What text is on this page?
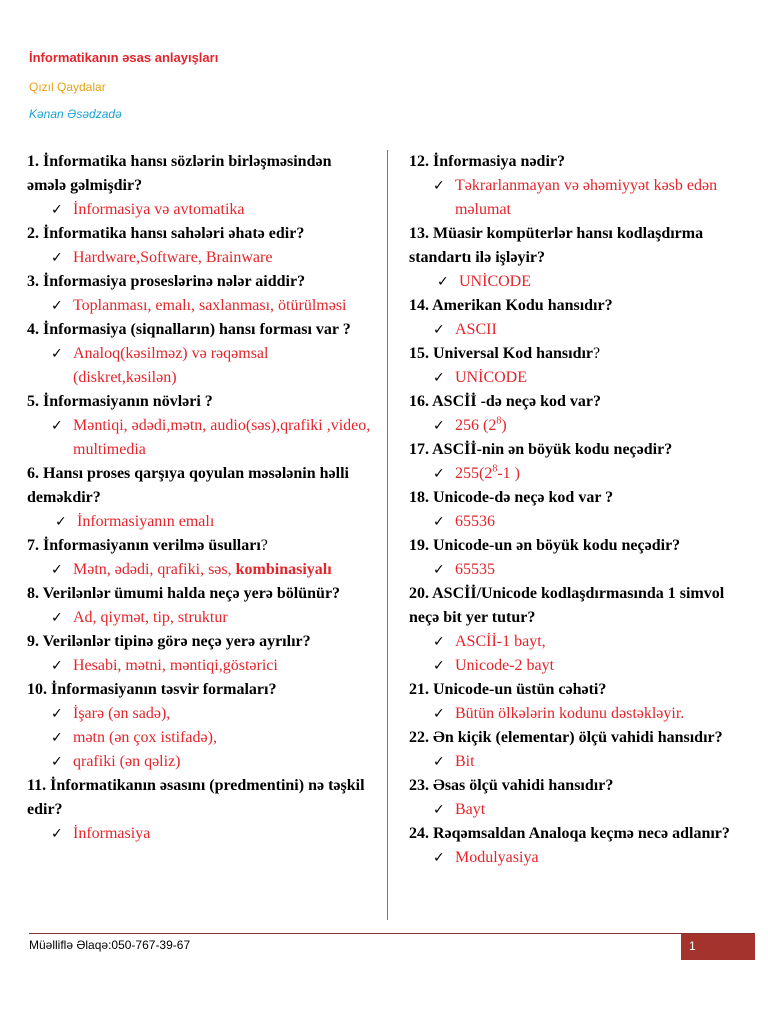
İnformatikanın əsas anlayışları
Qızıl Qaydalar
Kənan Əsədzadə
1. İnformatika hansı sözlərin birləşməsindən əmələ gəlmişdir?
✓ İnformasiya və avtomatika
2. İnformatika hansı sahələri əhatə edir?
✓ Hardware,Software, Brainware
3. İnformasiya proseslərinə nələr aiddir?
✓ Toplanması, emalı, saxlanması, ötürülməsi
4. İnformasiya (siqnalların) hansı forması var ?
✓ Analoq(kəsilməz) və rəqəmsal (diskret,kəsilən)
5. İnformasiyanın növləri ?
✓ Məntiqi, ədədi,mətn, audio(səs),qrafiki ,video, multimedia
6. Hansı proses qarşıya qoyulan məsələnin həlli deməkdir?
✓ İnformasiyanın emalı
7. İnformasiyanın verilmə üsulları?
✓ Mətn, ədədi, qrafiki, səs, kombinasiyalı
8. Verilənlər ümumi halda neçə yerə bölünür?
✓ Ad, qiymət, tip, struktur
9. Verilənlər tipinə görə neçə yerə ayrılır?
✓ Hesabi, mətni, məntiqi,göstərici
10. İnformasiyanın təsvir formaları?
✓ İşarə (ən sadə),
✓ mətn (ən çox istifadə),
✓ qrafiki (ən qəliz)
11. İnformatikanın əsasını (predmentini) nə təşkil edir?
✓ İnformasiya
12. İnformasiya nədir?
✓ Təkrarlanmayan və əhəmiyyət kəsb edən məlumat
13. Müasir kompüterlər hansı kodlaşdırma standartı ilə işləyir?
✓ UNİCODE
14. Amerikan Kodu hansıdır?
✓ ASCII
15. Universal Kod hansıdır?
✓ UNİCODE
16. ASCİİ -də neçə kod var?
✓ 256 $(2^8)$
17. ASCİİ-nin ən böyük kodu neçədir?
✓ $255(2^8-1$ )
18. Unicode-də neçə kod var ?
✓ 65536
19. Unicode-un ən böyük kodu neçədir?
✓ 65535
20. ASCİİ/Unicode kodlaşdırmasında 1 simvol neçə bit yer tutur?
✓ ASCİİ-1 bayt,
✓ Unicode-2 bayt
21. Unicode-un üstün cəhəti?
✓ Bütün ölkələrin kodunu dəstəkləyir.
22. Ən kiçik (elementar) ölçü vahidi hansıdır?
✓ Bit
23. Əsas ölçü vahidi hansıdır?
✓ Bayt
24. Rəqəmsaldan Analoqa keçmə necə adlanır?
✓ Modulyasiya
Müəlliflə Əlaqə:050-767-39-67	1
